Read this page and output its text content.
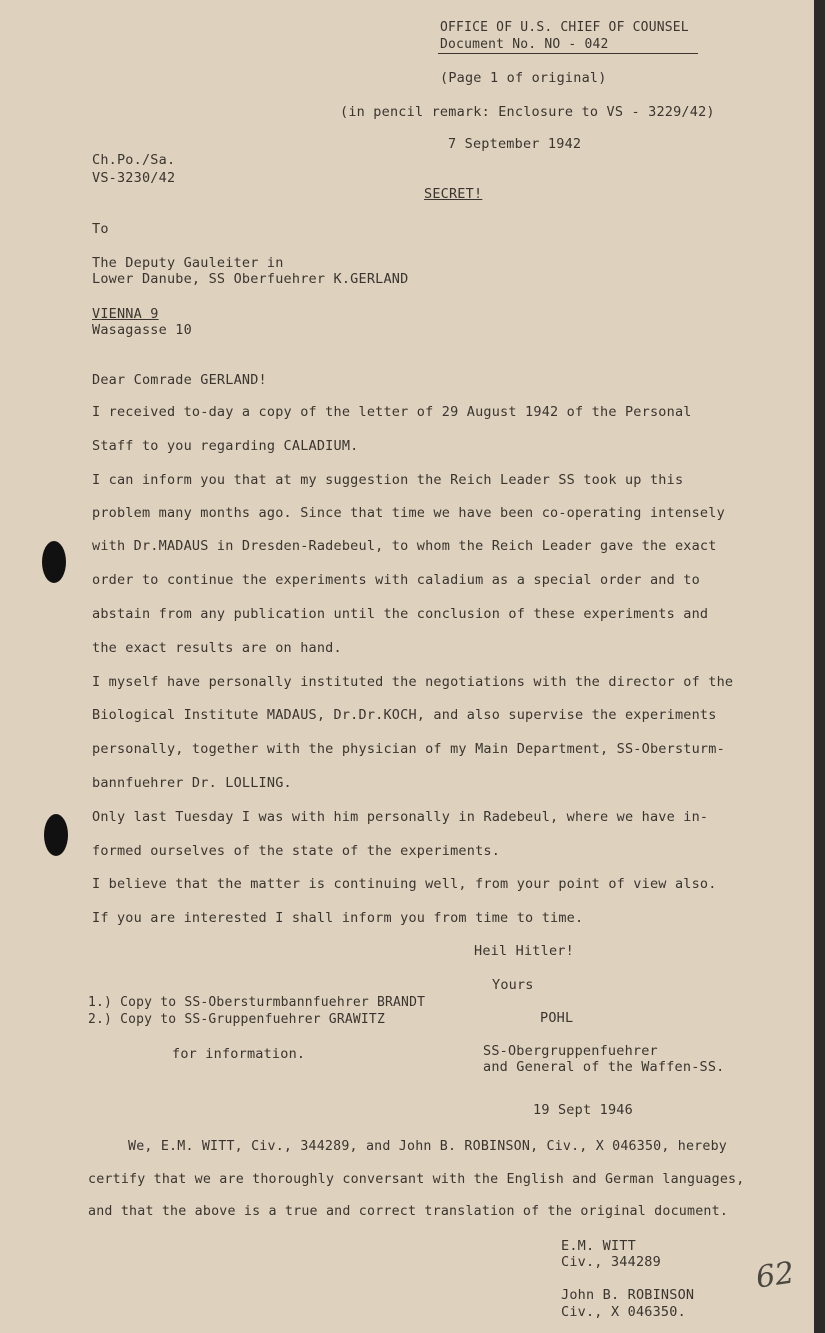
OFFICE OF U.S. CHIEF OF COUNSEL
Document No. NO - 042
(Page 1 of original)
(in pencil remark: Enclosure to VS - 3229/42)
7 September 1942
Ch.Po./Sa.
VS-3230/42
SECRET!
To
The Deputy Gauleiter in
Lower Danube, SS Oberfuehrer K.GERLAND
VIENNA 9
Wasagasse 10
Dear Comrade GERLAND!
I received to-day a copy of the letter of 29 August 1942 of the Personal
Staff to you regarding CALADIUM.
I can inform you that at my suggestion the Reich Leader SS took up this
problem many months ago. Since that time we have been co-operating intensely
with Dr.MADAUS in Dresden-Radebeul, to whom the Reich Leader gave the exact
order to continue the experiments with caladium as a special order and to
abstain from any publication until the conclusion of these experiments and
the exact results are on hand.
I myself have personally instituted the negotiations with the director of the
Biological Institute MADAUS, Dr.Dr.KOCH, and also supervise the experiments
personally, together with the physician of my Main Department, SS-Obersturm-
bannfuehrer Dr. LOLLING.
Only last Tuesday I was with him personally in Radebeul, where we have in-
formed ourselves of the state of the experiments.
I believe that the matter is continuing well, from your point of view also.
If you are interested I shall inform you from time to time.
Heil Hitler!
Yours
1.) Copy to SS-Obersturmbannfuehrer BRANDT
2.) Copy to SS-Gruppenfuehrer GRAWITZ	POHL
for information.	SS-Obergruppenfuehrer
and General of the Waffen-SS.
19 Sept 1946
We, E.M. WITT, Civ., 344289, and John B. ROBINSON, Civ., X 046350, hereby
certify that we are thoroughly conversant with the English and German languages,
and that the above is a true and correct translation of the original document.
E.M. WITT
Civ., 344289
John B. ROBINSON
Civ., X 046350.
62
